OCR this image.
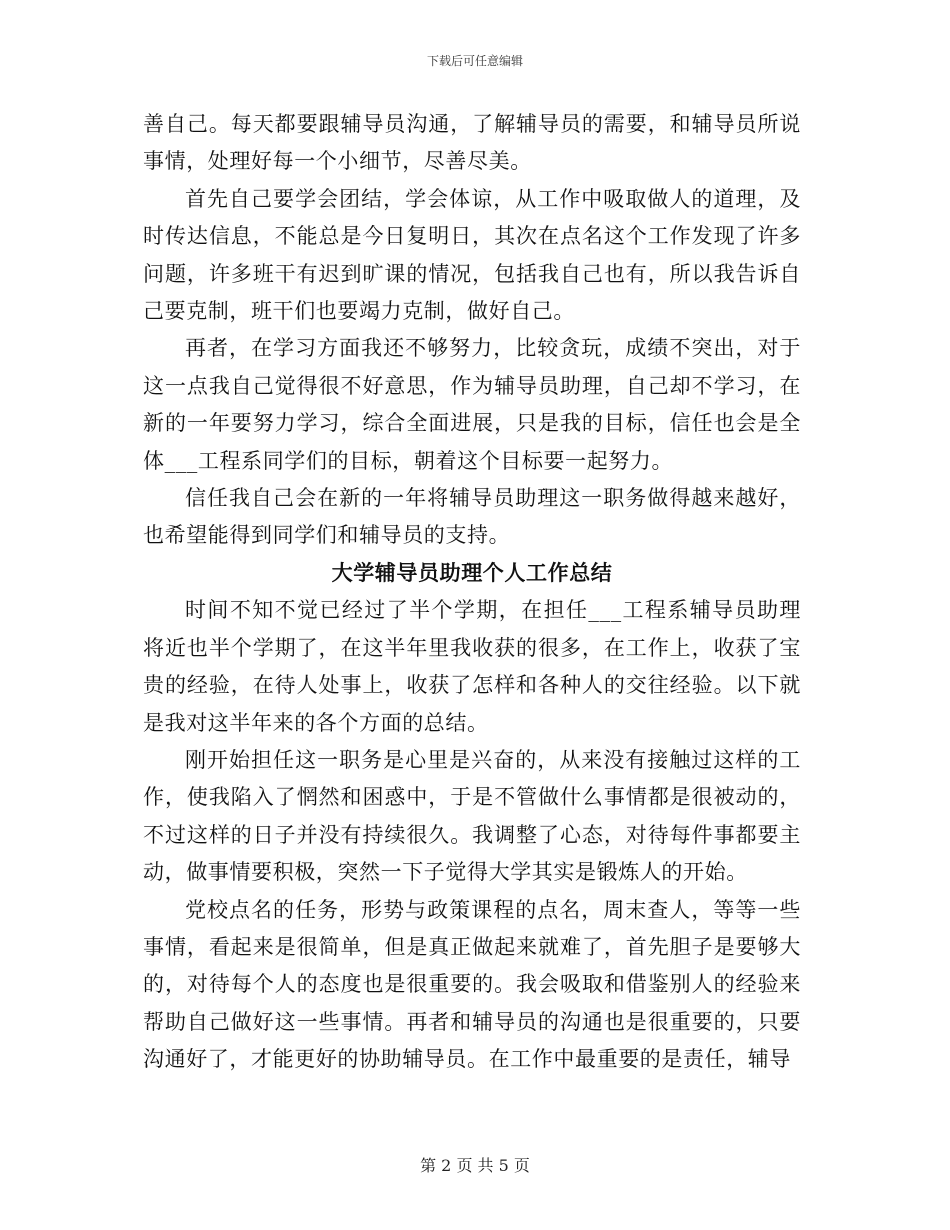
下载后可任意编辑

善自己。每天都要跟辅导员沟通，了解辅导员的需要，和辅导员所说事情，处理好每一个小细节，尽善尽美。

首先自己要学会团结，学会体谅，从工作中吸取做人的道理，及时传达信息，不能总是今日复明日，其次在点名这个工作发现了许多问题，许多班干有迟到旷课的情况，包括我自己也有，所以我告诉自己要克制，班干们也要竭力克制，做好自己。

再者，在学习方面我还不够努力，比较贪玩，成绩不突出，对于这一点我自己觉得很不好意思，作为辅导员助理，自己却不学习，在新的一年要努力学习，综合全面进展，只是我的目标，信任也会是全体___工程系同学们的目标，朝着这个目标要一起努力。

信任我自己会在新的一年将辅导员助理这一职务做得越来越好，也希望能得到同学们和辅导员的支持。

大学辅导员助理个人工作总结

时间不知不觉已经过了半个学期，在担任___工程系辅导员助理将近也半个学期了，在这半年里我收获的很多，在工作上，收获了宝贵的经验，在待人处事上，收获了怎样和各种人的交往经验。以下就是我对这半年来的各个方面的总结。

刚开始担任这一职务是心里是兴奋的，从来没有接触过这样的工作，使我陷入了惘然和困惑中，于是不管做什么事情都是很被动的，不过这样的日子并没有持续很久。我调整了心态，对待每件事都要主动，做事情要积极，突然一下子觉得大学其实是锻炼人的开始。

党校点名的任务，形势与政策课程的点名，周末查人，等等一些事情，看起来是很简单，但是真正做起来就难了，首先胆子是要够大的，对待每个人的态度也是很重要的。我会吸取和借鉴别人的经验来帮助自己做好这一些事情。再者和辅导员的沟通也是很重要的，只要沟通好了，才能更好的协助辅导员。在工作中最重要的是责任，辅导

第 2 页 共 5 页
